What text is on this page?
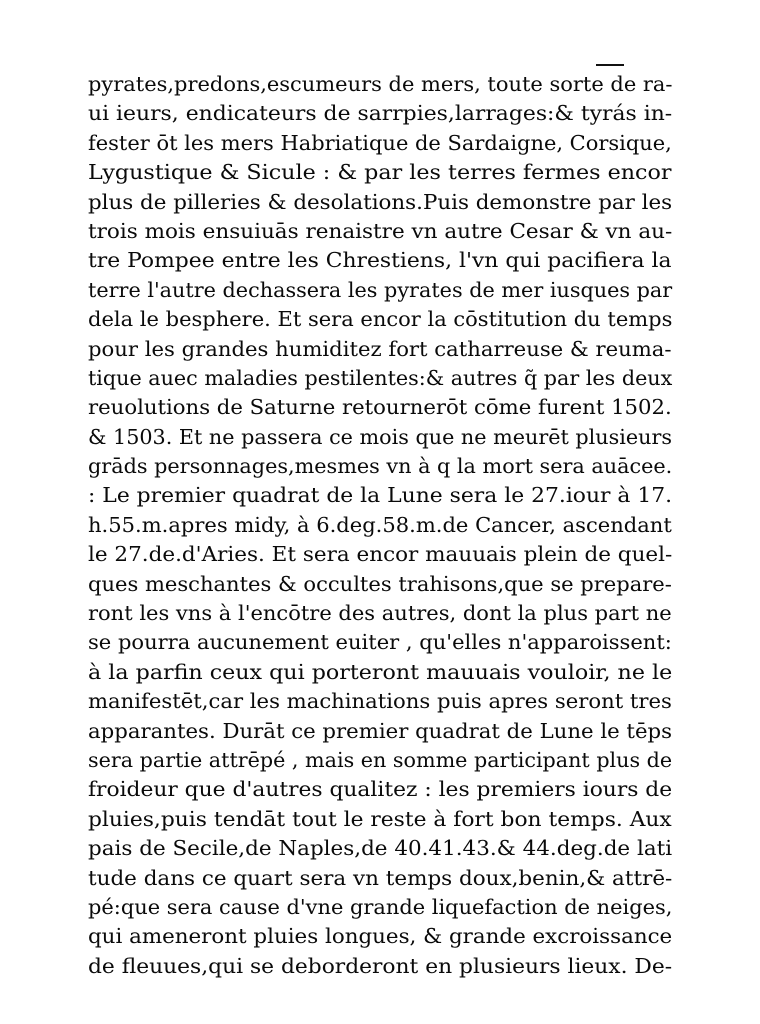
pyrates,predons,escumeurs de mers, toute sorte de ra-
ui ieurs, endicateurs de sarrpies,larrages:& tyrás in-
fester ōt les mers Habriatique de Sardaigne, Corsique,
Lygustique & Sicule : & par les terres fermes encor
plus de pilleries & desolations.Puis demonstre par les
trois mois ensuiuās renaistre vn autre Cesar & vn au-
tre Pompee entre les Chrestiens, l'vn qui pacifiera la
terre l'autre dechassera les pyrates de mer iusques par
dela le besphere. Et sera encor la cōstitution du temps
pour les grandes humiditez fort catharreuse & reuma-
tique auec maladies pestilentes:& autres q̃ par les deux
reuolutions de Saturne retournerōt cōme furent 1502.
& 1503. Et ne passera ce mois que ne meurēt plusieurs
grāds personnages,mesmes vn à q la mort sera auācee.
: Le premier quadrat de la Lune sera le 27.iour à 17.
h.55.m.apres midy, à 6.deg.58.m.de Cancer, ascendant
le 27.de.d'Aries. Et sera encor mauuais plein de quel-
ques meschantes & occultes trahisons,que se prepare-
ront les vns à l'encōtre des autres, dont la plus part ne
se pourra aucunement euiter , qu'elles n'apparoissent:
à la parfin ceux qui porteront mauuais vouloir, ne le
manifestēt,car les machinations puis apres seront tres
apparantes. Durāt ce premier quadrat de Lune le tēps
sera partie attrēpé , mais en somme participant plus de
froideur que d'autres qualitez : les premiers iours de
pluies,puis tendāt tout le reste à fort bon temps. Aux
pais de Secile,de Naples,de 40.41.43.& 44.deg.de lati
tude dans ce quart sera vn temps doux,benin,& attrē-
pé:que sera cause d'vne grande liquefaction de neiges,
qui ameneront pluies longues, & grande excroissance
de fleuues,qui se deborderont en plusieurs lieux. De-
